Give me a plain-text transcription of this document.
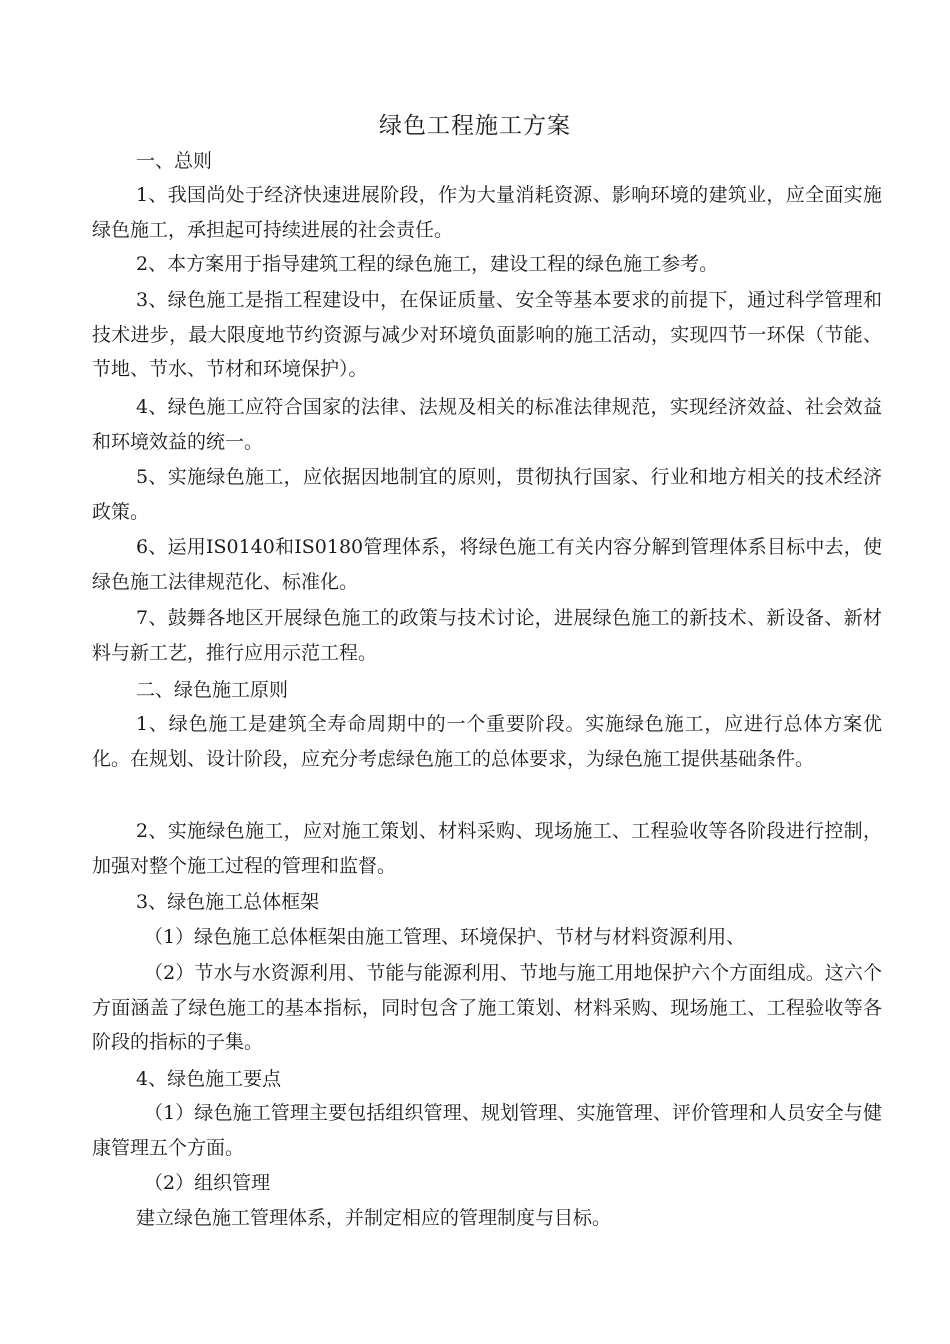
绿色工程施工方案

一、总则

1、我国尚处于经济快速进展阶段，作为大量消耗资源、影响环境的建筑业，应全面实施绿色施工，承担起可持续进展的社会责任。

2、本方案用于指导建筑工程的绿色施工，建设工程的绿色施工参考。

3、绿色施工是指工程建设中，在保证质量、安全等基本要求的前提下，通过科学管理和技术进步，最大限度地节约资源与减少对环境负面影响的施工活动，实现四节一环保（节能、节地、节水、节材和环境保护）。

4、绿色施工应符合国家的法律、法规及相关的标准法律规范，实现经济效益、社会效益和环境效益的统一。

5、实施绿色施工，应依据因地制宜的原则，贯彻执行国家、行业和地方相关的技术经济政策。

6、运用IS0140和IS0180管理体系，将绿色施工有关内容分解到管理体系目标中去，使绿色施工法律规范化、标准化。

7、鼓舞各地区开展绿色施工的政策与技术讨论，进展绿色施工的新技术、新设备、新材料与新工艺，推行应用示范工程。

二、绿色施工原则

1、绿色施工是建筑全寿命周期中的一个重要阶段。实施绿色施工，应进行总体方案优化。在规划、设计阶段，应充分考虑绿色施工的总体要求，为绿色施工提供基础条件。

2、实施绿色施工，应对施工策划、材料采购、现场施工、工程验收等各阶段进行控制，加强对整个施工过程的管理和监督。

3、绿色施工总体框架

（1）绿色施工总体框架由施工管理、环境保护、节材与材料资源利用、

（2）节水与水资源利用、节能与能源利用、节地与施工用地保护六个方面组成。这六个方面涵盖了绿色施工的基本指标，同时包含了施工策划、材料采购、现场施工、工程验收等各阶段的指标的子集。

4、绿色施工要点

（1）绿色施工管理主要包括组织管理、规划管理、实施管理、评价管理和人员安全与健康管理五个方面。

（2）组织管理

建立绿色施工管理体系，并制定相应的管理制度与目标。
